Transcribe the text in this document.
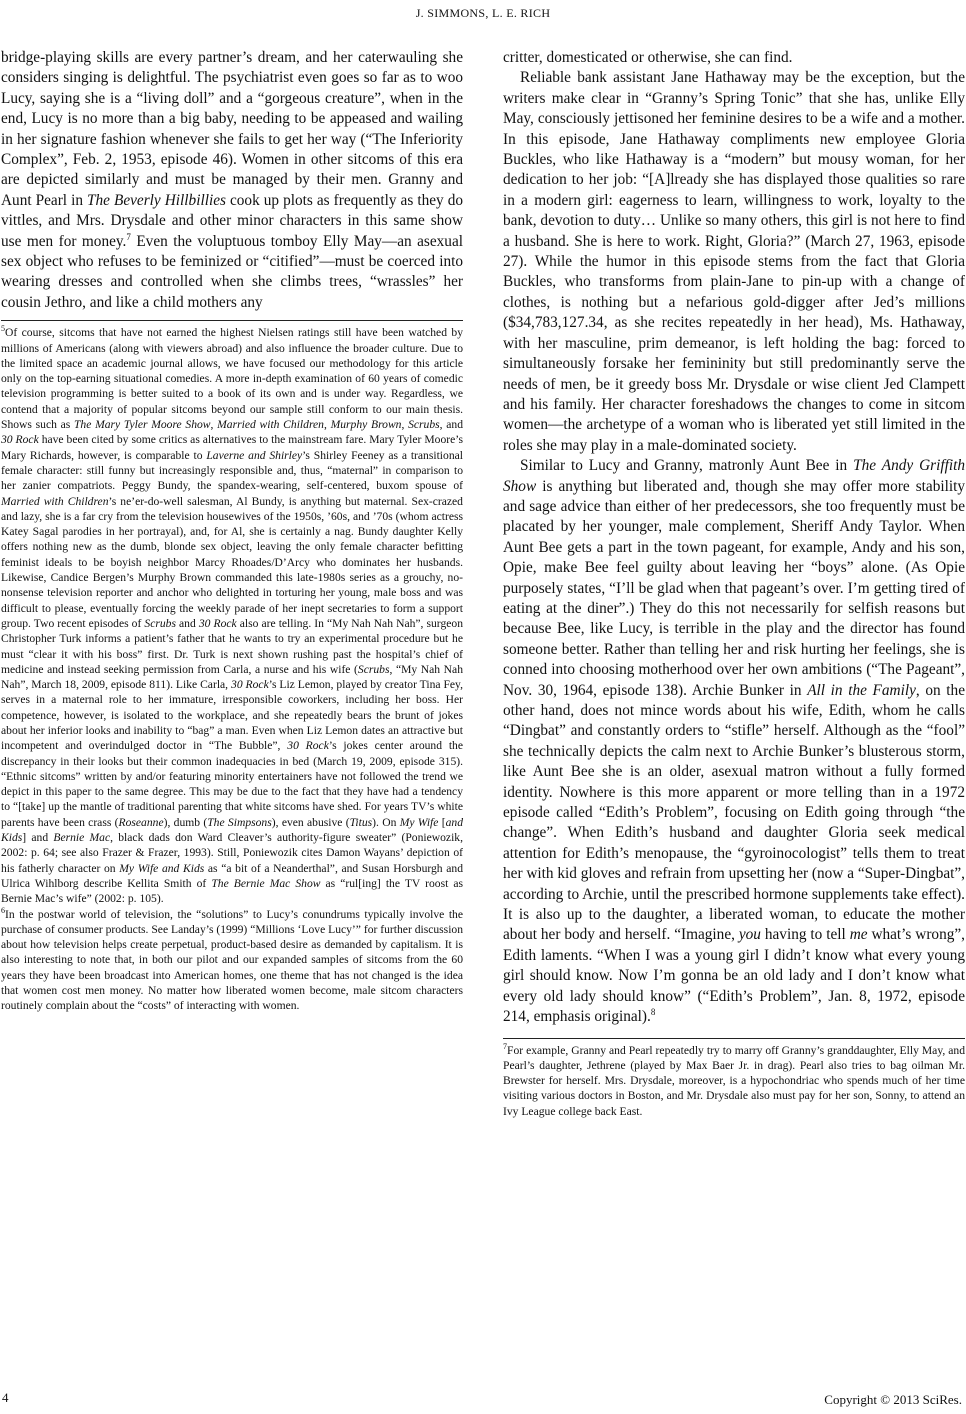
J. SIMMONS, L. E. RICH

bridge-playing skills are every partner’s dream, and her caterwauling she considers singing is delightful. The psychiatrist even goes so far as to woo Lucy, saying she is a “living doll” and a “gorgeous creature”, when in the end, Lucy is no more than a big baby, needing to be appeased and wailing in her signature fashion whenever she fails to get her way (“The Inferiority Complex”, Feb. 2, 1953, episode 46). Women in other sitcoms of this era are depicted similarly and must be managed by their men. Granny and Aunt Pearl in The Beverly Hillbillies cook up plots as frequently as they do vittles, and Mrs. Drysdale and other minor characters in this same show use men for money.$^7$ Even the voluptuous tomboy Elly May—an asexual sex object who refuses to be feminized or “citified”—must be coerced into wearing dresses and controlled when she climbs trees, “wrassles” her cousin Jethro, and like a child mothers any

$^5$Of course, sitcoms that have not earned the highest Nielsen ratings still have been watched by millions of Americans (along with viewers abroad) and also influence the broader culture. Due to the limited space an academic journal allows, we have focused our methodology for this article only on the top-earning situational comedies. A more in-depth examination of 60 years of comedic television programming is better suited to a book of its own and is under way. Regardless, we contend that a majority of popular sitcoms beyond our sample still conform to our main thesis. Shows such as The Mary Tyler Moore Show, Married with Children, Murphy Brown, Scrubs, and 30 Rock have been cited by some critics as alternatives to the mainstream fare. Mary Tyler Moore’s Mary Richards, however, is comparable to Laverne and Shirley’s Shirley Feeney as a transitional female character: still funny but increasingly responsible and, thus, “maternal” in comparison to her zanier compatriots. Peggy Bundy, the spandex-wearing, self-centered, buxom spouse of Married with Children’s ne’er-do-well salesman, Al Bundy, is anything but maternal. Sex-crazed and lazy, she is a far cry from the television housewives of the 1950s, ’60s, and ’70s (whom actress Katey Sagal parodies in her portrayal), and, for Al, she is certainly a nag. Bundy daughter Kelly offers nothing new as the dumb, blonde sex object, leaving the only female character befitting feminist ideals to be boyish neighbor Marcy Rhoades/D’Arcy who dominates her husbands. Likewise, Candice Bergen’s Murphy Brown commanded this late-1980s series as a grouchy, no-nonsense television reporter and anchor who delighted in torturing her young, male boss and was difficult to please, eventually forcing the weekly parade of her inept secretaries to form a support group. Two recent episodes of Scrubs and 30 Rock also are telling. In “My Nah Nah Nah”, surgeon Christopher Turk informs a patient’s father that he wants to try an experimental procedure but he must “clear it with his boss” first. Dr. Turk is next shown rushing past the hospital’s chief of medicine and instead seeking permission from Carla, a nurse and his wife (Scrubs, “My Nah Nah Nah”, March 18, 2009, episode 811). Like Carla, 30 Rock’s Liz Lemon, played by creator Tina Fey, serves in a maternal role to her immature, irresponsible coworkers, including her boss. Her competence, however, is isolated to the workplace, and she repeatedly bears the brunt of jokes about her inferior looks and inability to “bag” a man. Even when Liz Lemon dates an attractive but incompetent and overindulged doctor in “The Bubble”, 30 Rock’s jokes center around the discrepancy in their looks but their common inadequacies in bed (March 19, 2009, episode 315). “Ethnic sitcoms” written by and/or featuring minority entertainers have not followed the trend we depict in this paper to the same degree. This may be due to the fact that they have had a tendency to “[take] up the mantle of traditional parenting that white sitcoms have shed. For years TV’s white parents have been crass (Roseanne), dumb (The Simpsons), even abusive (Titus). On My Wife [and Kids] and Bernie Mac, black dads don Ward Cleaver’s authority-figure sweater” (Poniewozik, 2002: p. 64; see also Frazer & Frazer, 1993). Still, Poniewozik cites Damon Wayans’ depiction of his fatherly character on My Wife and Kids as “a bit of a Neanderthal”, and Susan Horsburgh and Ulrica Wihlborg describe Kellita Smith of The Bernie Mac Show as “rul[ing] the TV roost as Bernie Mac’s wife” (2002: p. 105).

$^6$In the postwar world of television, the “solutions” to Lucy’s conundrums typically involve the purchase of consumer products. See Landay’s (1999) “Millions ‘Love Lucy’” for further discussion about how television helps create perpetual, product-based desire as demanded by capitalism. It is also interesting to note that, in both our pilot and our expanded samples of sitcoms from the 60 years they have been broadcast into American homes, one theme that has not changed is the idea that women cost men money. No matter how liberated women become, male sitcom characters routinely complain about the “costs” of interacting with women.

critter, domesticated or otherwise, she can find.

Reliable bank assistant Jane Hathaway may be the exception, but the writers make clear in “Granny’s Spring Tonic” that she has, unlike Elly May, consciously jettisoned her feminine desires to be a wife and a mother. In this episode, Jane Hathaway compliments new employee Gloria Buckles, who like Hathaway is a “modern” but mousy woman, for her dedication to her job: “[A]lready she has displayed those qualities so rare in a modern girl: eagerness to learn, willingness to work, loyalty to the bank, devotion to duty… Unlike so many others, this girl is not here to find a husband. She is here to work. Right, Gloria?” (March 27, 1963, episode 27). While the humor in this episode stems from the fact that Gloria Buckles, who transforms from plain-Jane to pin-up with a change of clothes, is nothing but a nefarious gold-digger after Jed’s millions ($34,783,127.34, as she recites repeatedly in her head), Ms. Hathaway, with her masculine, prim demeanor, is left holding the bag: forced to simultaneously forsake her femininity but still predominantly serve the needs of men, be it greedy boss Mr. Drysdale or wise client Jed Clampett and his family. Her character foreshadows the changes to come in sitcom women—the archetype of a woman who is liberated yet still limited in the roles she may play in a male-dominated society.

Similar to Lucy and Granny, matronly Aunt Bee in The Andy Griffith Show is anything but liberated and, though she may offer more stability and sage advice than either of her predecessors, she too frequently must be placated by her younger, male complement, Sheriff Andy Taylor. When Aunt Bee gets a part in the town pageant, for example, Andy and his son, Opie, make Bee feel guilty about leaving her “boys” alone. (As Opie purposely states, “I’ll be glad when that pageant’s over. I’m getting tired of eating at the diner”.) They do this not necessarily for selfish reasons but because Bee, like Lucy, is terrible in the play and the director has found someone better. Rather than telling her and risk hurting her feelings, she is conned into choosing motherhood over her own ambitions (“The Pageant”, Nov. 30, 1964, episode 138). Archie Bunker in All in the Family, on the other hand, does not mince words about his wife, Edith, whom he calls “Dingbat” and constantly orders to “stifle” herself. Although as the “fool” she technically depicts the calm next to Archie Bunker’s blusterous storm, like Aunt Bee she is an older, asexual matron without a fully formed identity. Nowhere is this more apparent or more telling than in a 1972 episode called “Edith’s Problem”, focusing on Edith going through “the change”. When Edith’s husband and daughter Gloria seek medical attention for Edith’s menopause, the “gyroinocologist” tells them to treat her with kid gloves and refrain from upsetting her (now a “Super-Dingbat”, according to Archie, until the prescribed hormone supplements take effect). It is also up to the daughter, a liberated woman, to educate the mother about her body and herself. “Imagine, you having to tell me what’s wrong”, Edith laments. “When I was a young girl I didn’t know what every young girl should know. Now I’m gonna be an old lady and I don’t know what every old lady should know” (“Edith’s Problem”, Jan. 8, 1972, episode 214, emphasis original).$^8$

$^7$For example, Granny and Pearl repeatedly try to marry off Granny’s granddaughter, Elly May, and Pearl’s daughter, Jethrene (played by Max Baer Jr. in drag). Pearl also tries to bag oilman Mr. Brewster for herself. Mrs. Drysdale, moreover, is a hypochondriac who spends much of her time visiting various doctors in Boston, and Mr. Drysdale also must pay for her son, Sonny, to attend an Ivy League college back East.

4	Copyright © 2013 SciRes.
